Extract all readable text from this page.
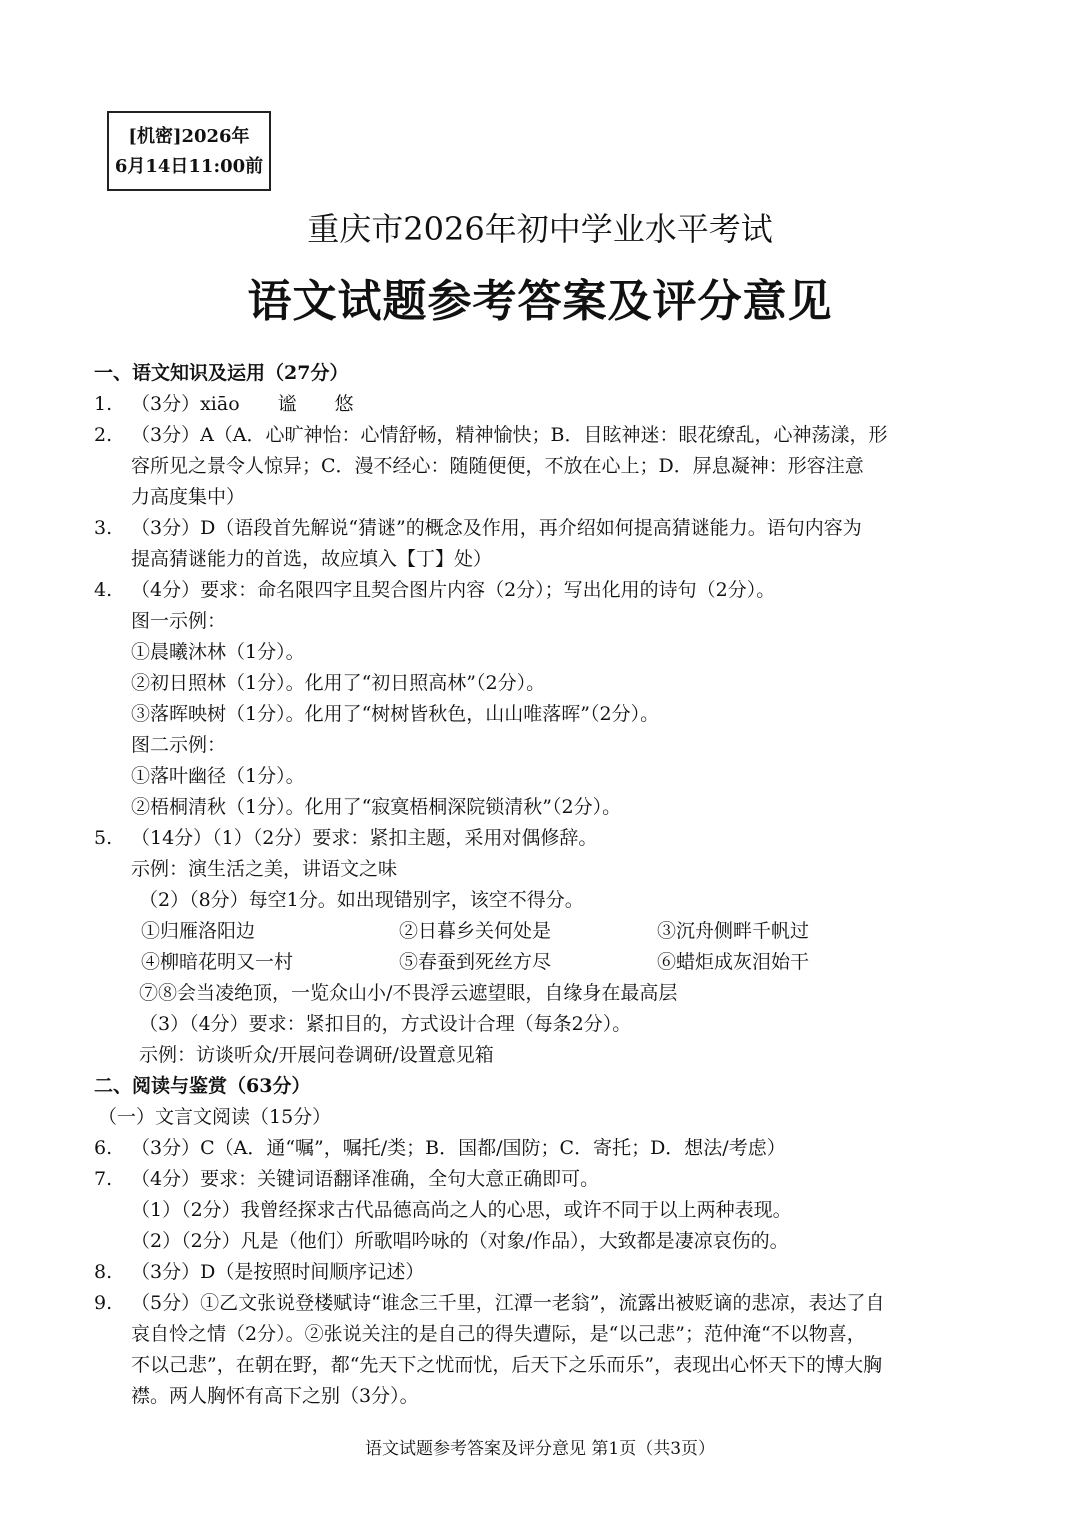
[机密]2026年
6月14日11:00前
重庆市2026年初中学业水平考试
语文试题参考答案及评分意见
一、语文知识及运用（27分）
1. （3分）xiāo　　谧　　悠
2. （3分）A（A．心旷神怡：心情舒畅，精神愉快；B．目眩神迷：眼花缭乱，心神荡漾，形
容所见之景令人惊异；C．漫不经心：随随便便，不放在心上；D．屏息凝神：形容注意
力高度集中）
3. （3分）D（语段首先解说“猜谜”的概念及作用，再介绍如何提高猜谜能力。语句内容为
提高猜谜能力的首选，故应填入【丁】处）
4. （4分）要求：命名限四字且契合图片内容（2分）；写出化用的诗句（2分）。
图一示例：
①晨曦沐林（1分）。
②初日照林（1分）。化用了“初日照高林”（2分）。
③落晖映树（1分）。化用了“树树皆秋色，山山唯落晖”（2分）。
图二示例：
①落叶幽径（1分）。
②梧桐清秋（1分）。化用了“寂寞梧桐深院锁清秋”（2分）。
5. （14分）（1）（2分）要求：紧扣主题，采用对偶修辞。
示例：演生活之美，讲语文之味
（2）（8分）每空1分。如出现错别字，该空不得分。
①归雁洛阳边	②日暮乡关何处是	③沉舟侧畔千帆过
④柳暗花明又一村	⑤春蚕到死丝方尽	⑥蜡炬成灰泪始干
⑦⑧会当凌绝顶，一览众山小/不畏浮云遮望眼，自缘身在最高层
（3）（4分）要求：紧扣目的，方式设计合理（每条2分）。
示例：访谈听众/开展问卷调研/设置意见箱
二、阅读与鉴赏（63分）
（一）文言文阅读（15分）
6. （3分）C（A．通“嘱”，嘱托/类；B．国都/国防；C．寄托；D．想法/考虑）
7. （4分）要求：关键词语翻译准确，全句大意正确即可。
（1）（2分）我曾经探求古代品德高尚之人的心思，或许不同于以上两种表现。
（2）（2分）凡是（他们）所歌唱吟咏的（对象/作品），大致都是凄凉哀伤的。
8. （3分）D（是按照时间顺序记述）
9. （5分）①乙文张说登楼赋诗“谁念三千里，江潭一老翁”，流露出被贬谪的悲凉，表达了自
哀自怜之情（2分）。②张说关注的是自己的得失遭际，是“以己悲”；范仲淹“不以物喜，
不以己悲”，在朝在野，都“先天下之忧而忧，后天下之乐而乐”，表现出心怀天下的博大胸
襟。两人胸怀有高下之别（3分）。
语文试题参考答案及评分意见 第1页（共3页）
